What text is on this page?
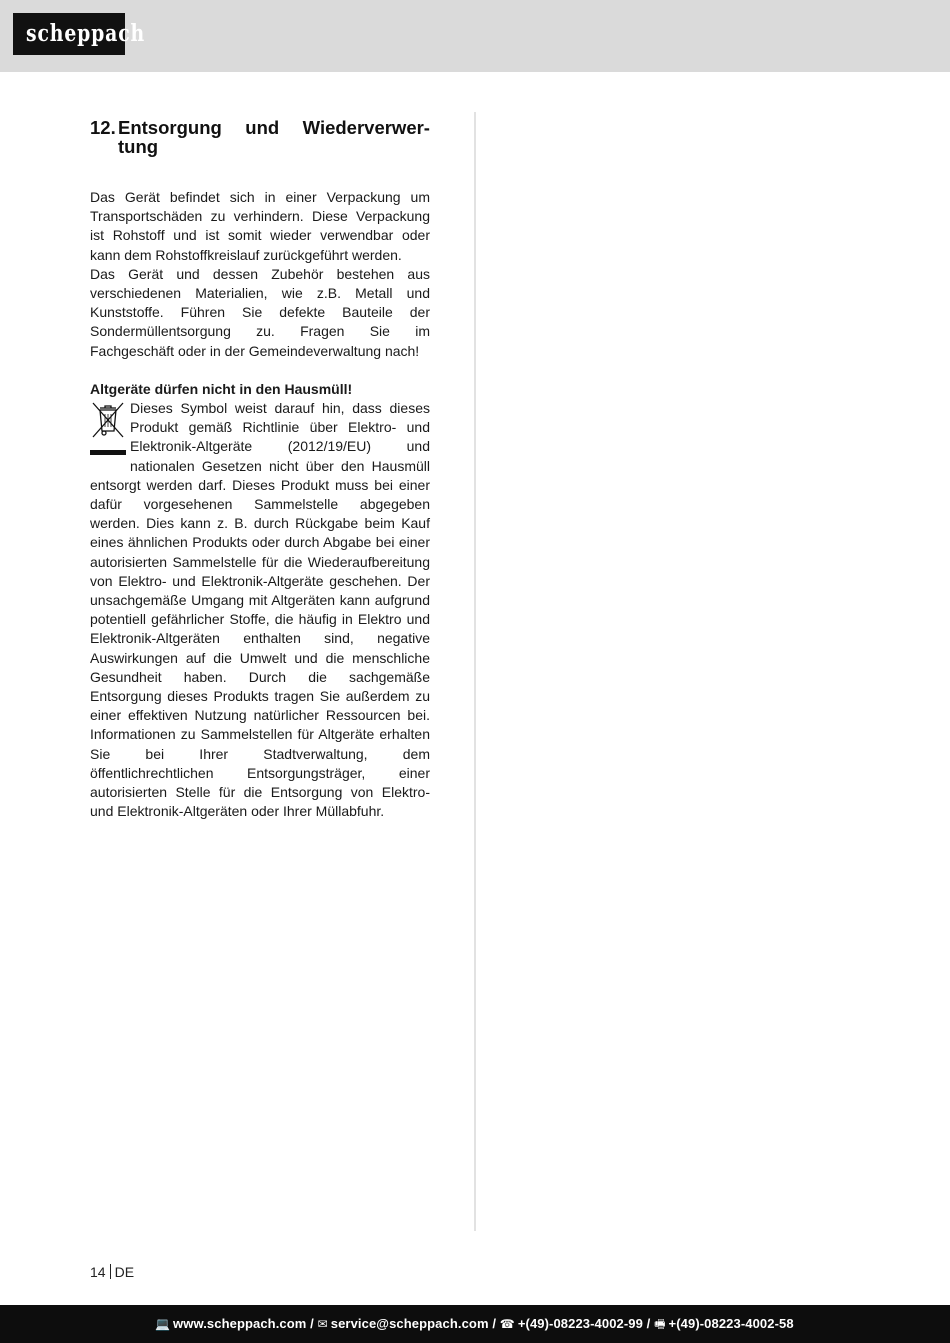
scheppach
12. Entsorgung und Wiederverwer-
tung

Das Gerät befindet sich in einer Verpackung um Transportschäden zu verhindern. Diese Verpackung ist Rohstoff und ist somit wieder verwendbar oder kann dem Rohstoffkreislauf zurückgeführt werden.

Das Gerät und dessen Zubehör bestehen aus verschiedenen Materialien, wie z.B. Metall und Kunststoffe. Führen Sie defekte Bauteile der Sondermüllentsorgung zu. Fragen Sie im Fachgeschäft oder in der Gemeindeverwaltung nach!

Altgeräte dürfen nicht in den Hausmüll!
Dieses Symbol weist darauf hin, dass dieses Produkt gemäß Richtlinie über Elektro- und Elektronik-Altgeräte (2012/19/EU) und nationalen Gesetzen nicht über den Hausmüll entsorgt werden darf. Dieses Produkt muss bei einer dafür vorgesehenen Sammelstelle abgegeben werden. Dies kann z. B. durch Rückgabe beim Kauf eines ähnlichen Produkts oder durch Abgabe bei einer autorisierten Sammelstelle für die Wiederaufbereitung von Elektro- und Elektronik-Altgeräte geschehen. Der unsachgemäße Umgang mit Altgeräten kann aufgrund potentiell gefährlicher Stoffe, die häufig in Elektro und Elektronik-Altgeräten enthalten sind, negative Auswirkungen auf die Umwelt und die menschliche Gesundheit haben. Durch die sachgemäße Entsorgung dieses Produkts tragen Sie außerdem zu einer effektiven Nutzung natürlicher Ressourcen bei. Informationen zu Sammelstellen für Altgeräte erhalten Sie bei Ihrer Stadtverwaltung, dem öffentlichrechtlichen Entsorgungsträger, einer autorisierten Stelle für die Entsorgung von Elektro- und Elektronik-Altgeräten oder Ihrer Müllabfuhr.
14 DE
💻 www.scheppach.com / ✉ service@scheppach.com / ☎ +(49)-08223-4002-99 / 🖷 +(49)-08223-4002-58
